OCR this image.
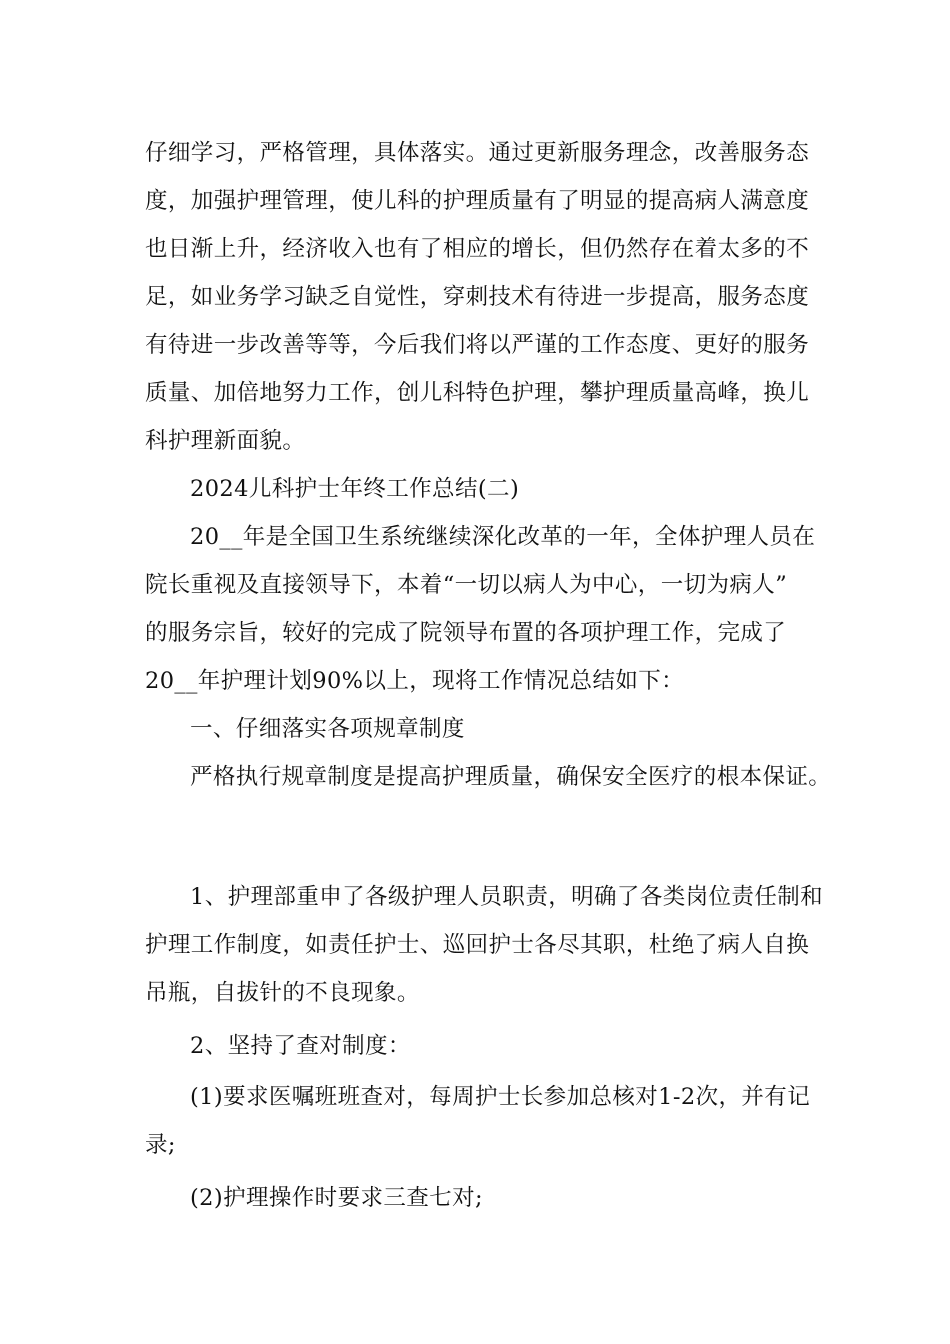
仔细学习，严格管理，具体落实。通过更新服务理念，改善服务态
度，加强护理管理，使儿科的护理质量有了明显的提高病人满意度
也日渐上升，经济收入也有了相应的增长，但仍然存在着太多的不
足，如业务学习缺乏自觉性，穿刺技术有待进一步提高，服务态度
有待进一步改善等等，今后我们将以严谨的工作态度、更好的服务
质量、加倍地努力工作，创儿科特色护理，攀护理质量高峰，换儿
科护理新面貌。
2024儿科护士年终工作总结(二)
20__年是全国卫生系统继续深化改革的一年，全体护理人员在
院长重视及直接领导下，本着“一切以病人为中心，一切为病人”
的服务宗旨，较好的完成了院领导布置的各项护理工作，完成了
20__年护理计划90%以上，现将工作情况总结如下：
一、仔细落实各项规章制度
严格执行规章制度是提高护理质量，确保安全医疗的根本保证。
1、护理部重申了各级护理人员职责，明确了各类岗位责任制和
护理工作制度，如责任护士、巡回护士各尽其职，杜绝了病人自换
吊瓶，自拔针的不良现象。
2、坚持了查对制度：
(1)要求医嘱班班查对，每周护士长参加总核对1-2次，并有记
录;
(2)护理操作时要求三查七对;
